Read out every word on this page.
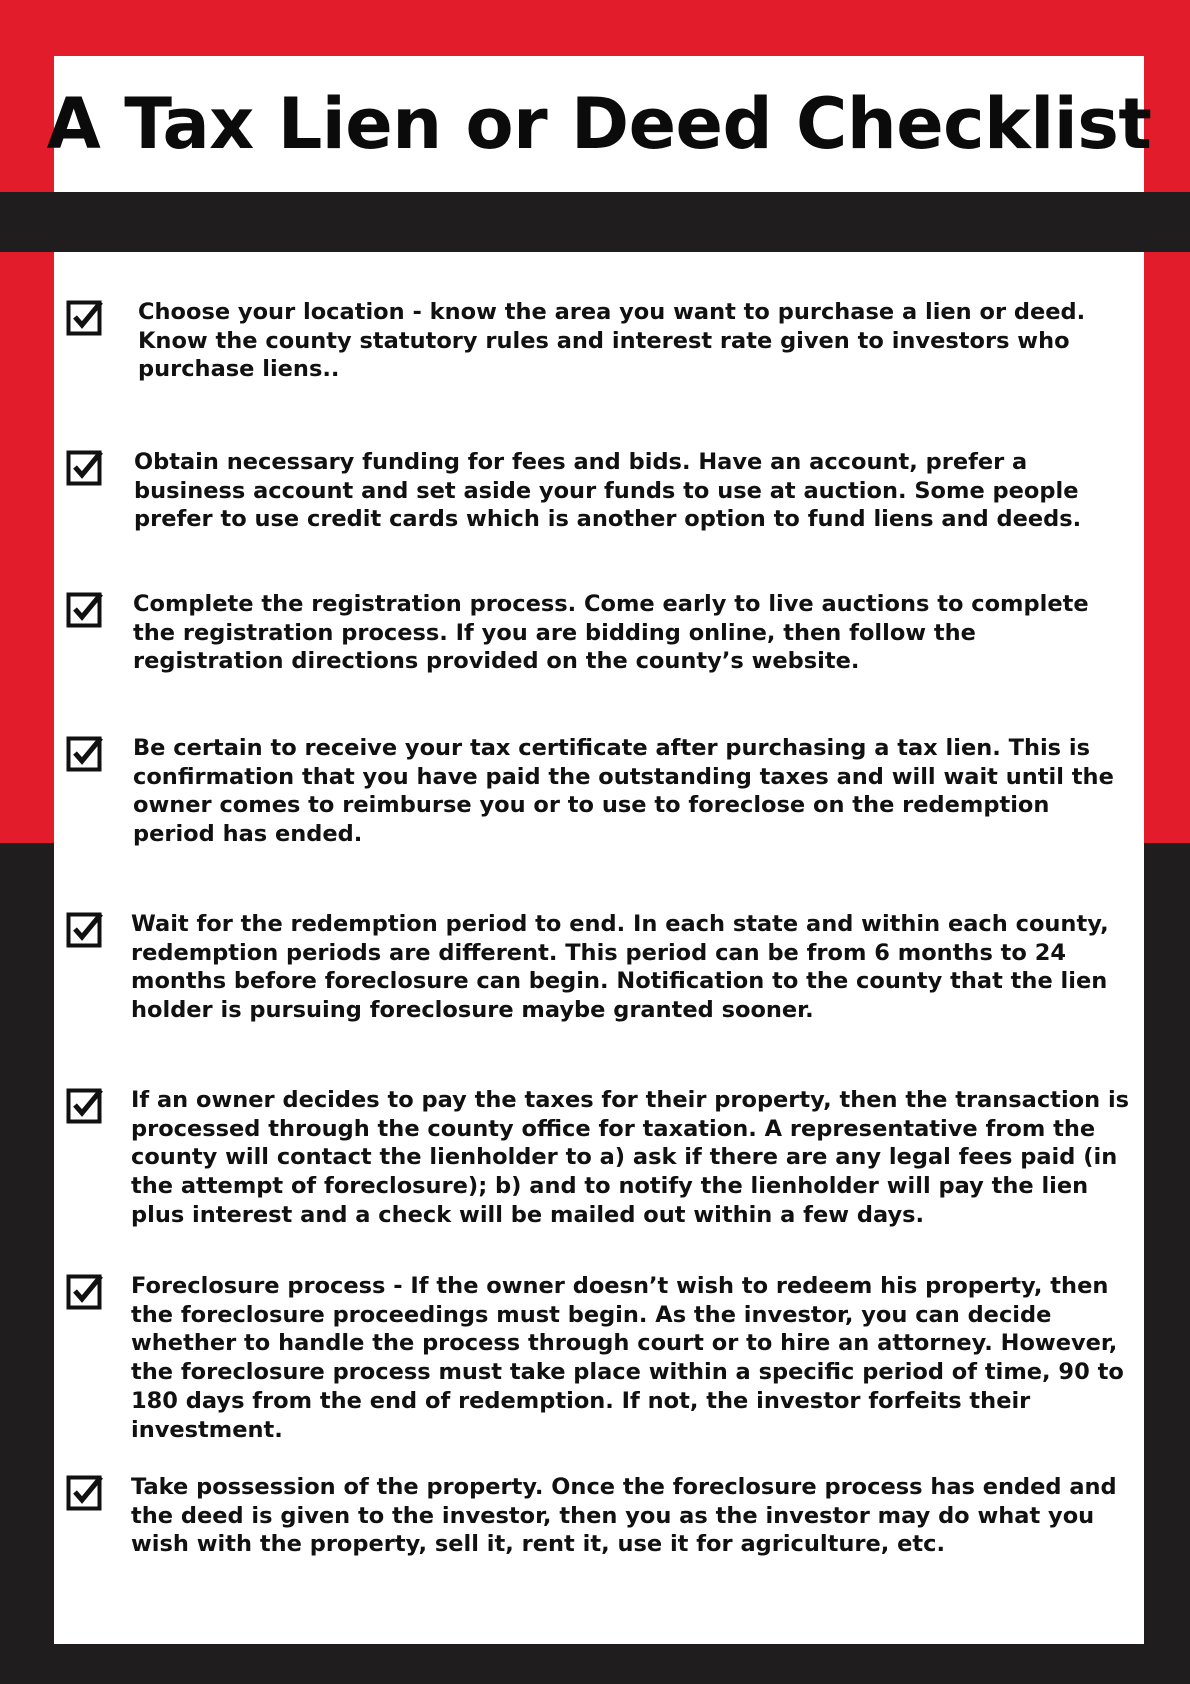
A Tax Lien or Deed Checklist

Choose your location - know the area you want to purchase a lien or deed. Know the county statutory rules and interest rate given to investors who purchase liens..

Obtain necessary funding for fees and bids. Have an account, prefer a business account and set aside your funds to use at auction. Some people prefer to use credit cards which is another option to fund liens and deeds.

Complete the registration process. Come early to live auctions to complete the registration process. If you are bidding online, then follow the registration directions provided on the county’s website.

Be certain to receive your tax certificate after purchasing a tax lien. This is confirmation that you have paid the outstanding taxes and will wait until the owner comes to reimburse you or to use to foreclose on the redemption period has ended.

Wait for the redemption period to end. In each state and within each county, redemption periods are different. This period can be from 6 months to 24 months before foreclosure can begin. Notification to the county that the lien holder is pursuing foreclosure maybe granted sooner.

If an owner decides to pay the taxes for their property, then the transaction is processed through the county office for taxation. A representative from the county will contact the lienholder to a) ask if there are any legal fees paid (in the attempt of foreclosure); b) and to notify the lienholder will pay the lien plus interest and a check will be mailed out within a few days.

Foreclosure process - If the owner doesn’t wish to redeem his property, then the foreclosure proceedings must begin. As the investor, you can decide whether to handle the process through court or to hire an attorney. However, the foreclosure process must take place within a specific period of time, 90 to 180 days from the end of redemption. If not, the investor forfeits their investment.

Take possession of the property. Once the foreclosure process has ended and the deed is given to the investor, then you as the investor may do what you wish with the property, sell it, rent it, use it for agriculture, etc.
